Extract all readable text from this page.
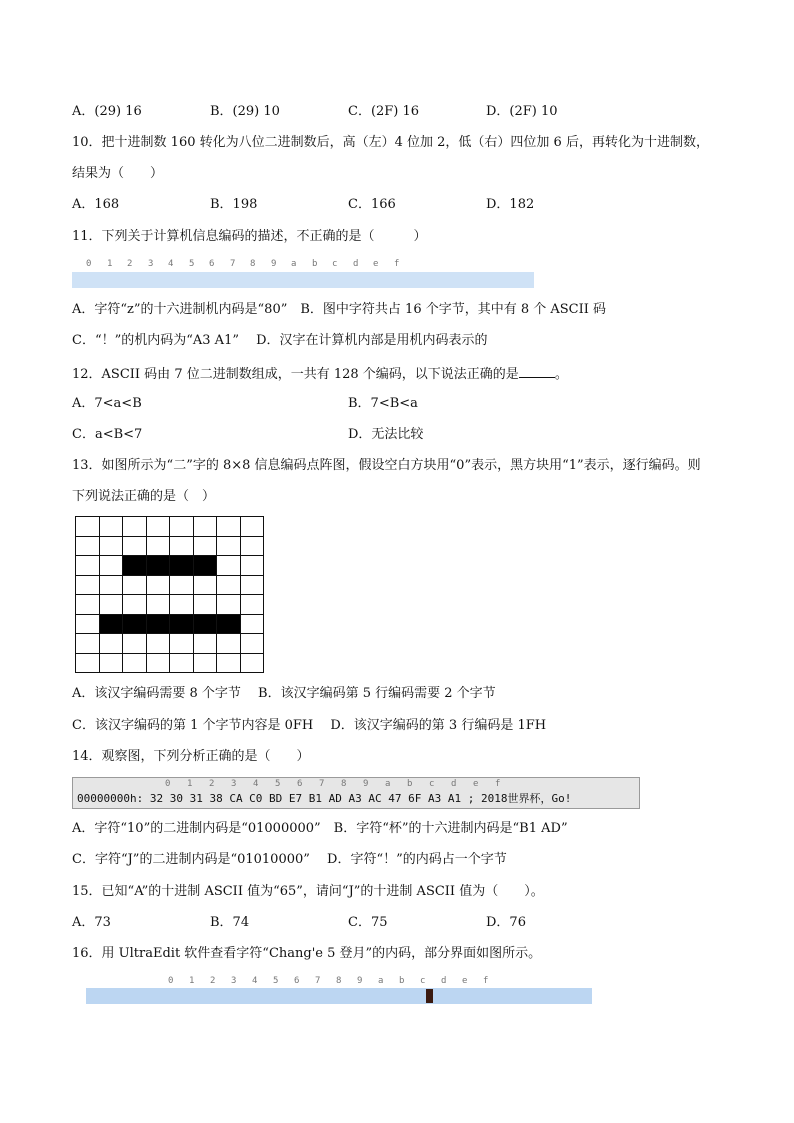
A．(29) 16	B．(29) 10	C．(2F) 16	D．(2F) 10
10．把十进制数 160 转化为八位二进制数后，高（左）4 位加 2，低（右）四位加 6 后，再转化为十进制数，
结果为（　　）
A．168	B．198	C．166	D．182
11．下列关于计算机信息编码的描述，不正确的是（　　　）

0

1

2

3

4

5

6

7

8

9

a

b

c

d

e

f

A．字符“z”的十六进制机内码是“80”　B．图中字符共占 16 个字节，其中有 8 个 ASCII 码
C．“！”的机内码为“A3 A1”　 D．汉字在计算机内部是用机内码表示的
12．ASCII 码由 7 位二进制数组成，一共有 128 个编码，以下说法正确的是	。
A．7<a<B	B．7<B<a
C．a<B<7	D．无法比较
13．如图所示为“二”字的 8×8 信息编码点阵图，假设空白方块用“0”表示，黑方块用“1”表示，逐行编码。则
下列说法正确的是（　）
A．该汉字编码需要 8 个字节　 B．该汉字编码第 5 行编码需要 2 个字节
C．该汉字编码的第 1 个字节内容是 0FH　 D．该汉字编码的第 3 行编码是 1FH
14．观察图，下列分析正确的是（　　）

0

1

2

3

4

5

6

7

8

9

a

b

c

d

e

f

00000000h: 32 30 31 38 CA C0 BD E7 B1 AD A3 AC 47 6F A3 A1 ; 2018世界杯，Go!
A．字符“10”的二进制内码是“01000000”　B．字符“杯”的十六进制内码是“B1 AD”
C．字符“J”的二进制内码是“01010000”　 D．字符“！”的内码占一个字节
15．已知“A”的十进制 ASCII 值为“65”，请问“J”的十进制 ASCII 值为（　　）。
A．73	B．74	C．75	D．76
16．用 UltraEdit 软件查看字符“Chang'e 5 登月”的内码，部分界面如图所示。

0

1

2

3

4

5

6

7

8

9

a

b

c

d

e

f
